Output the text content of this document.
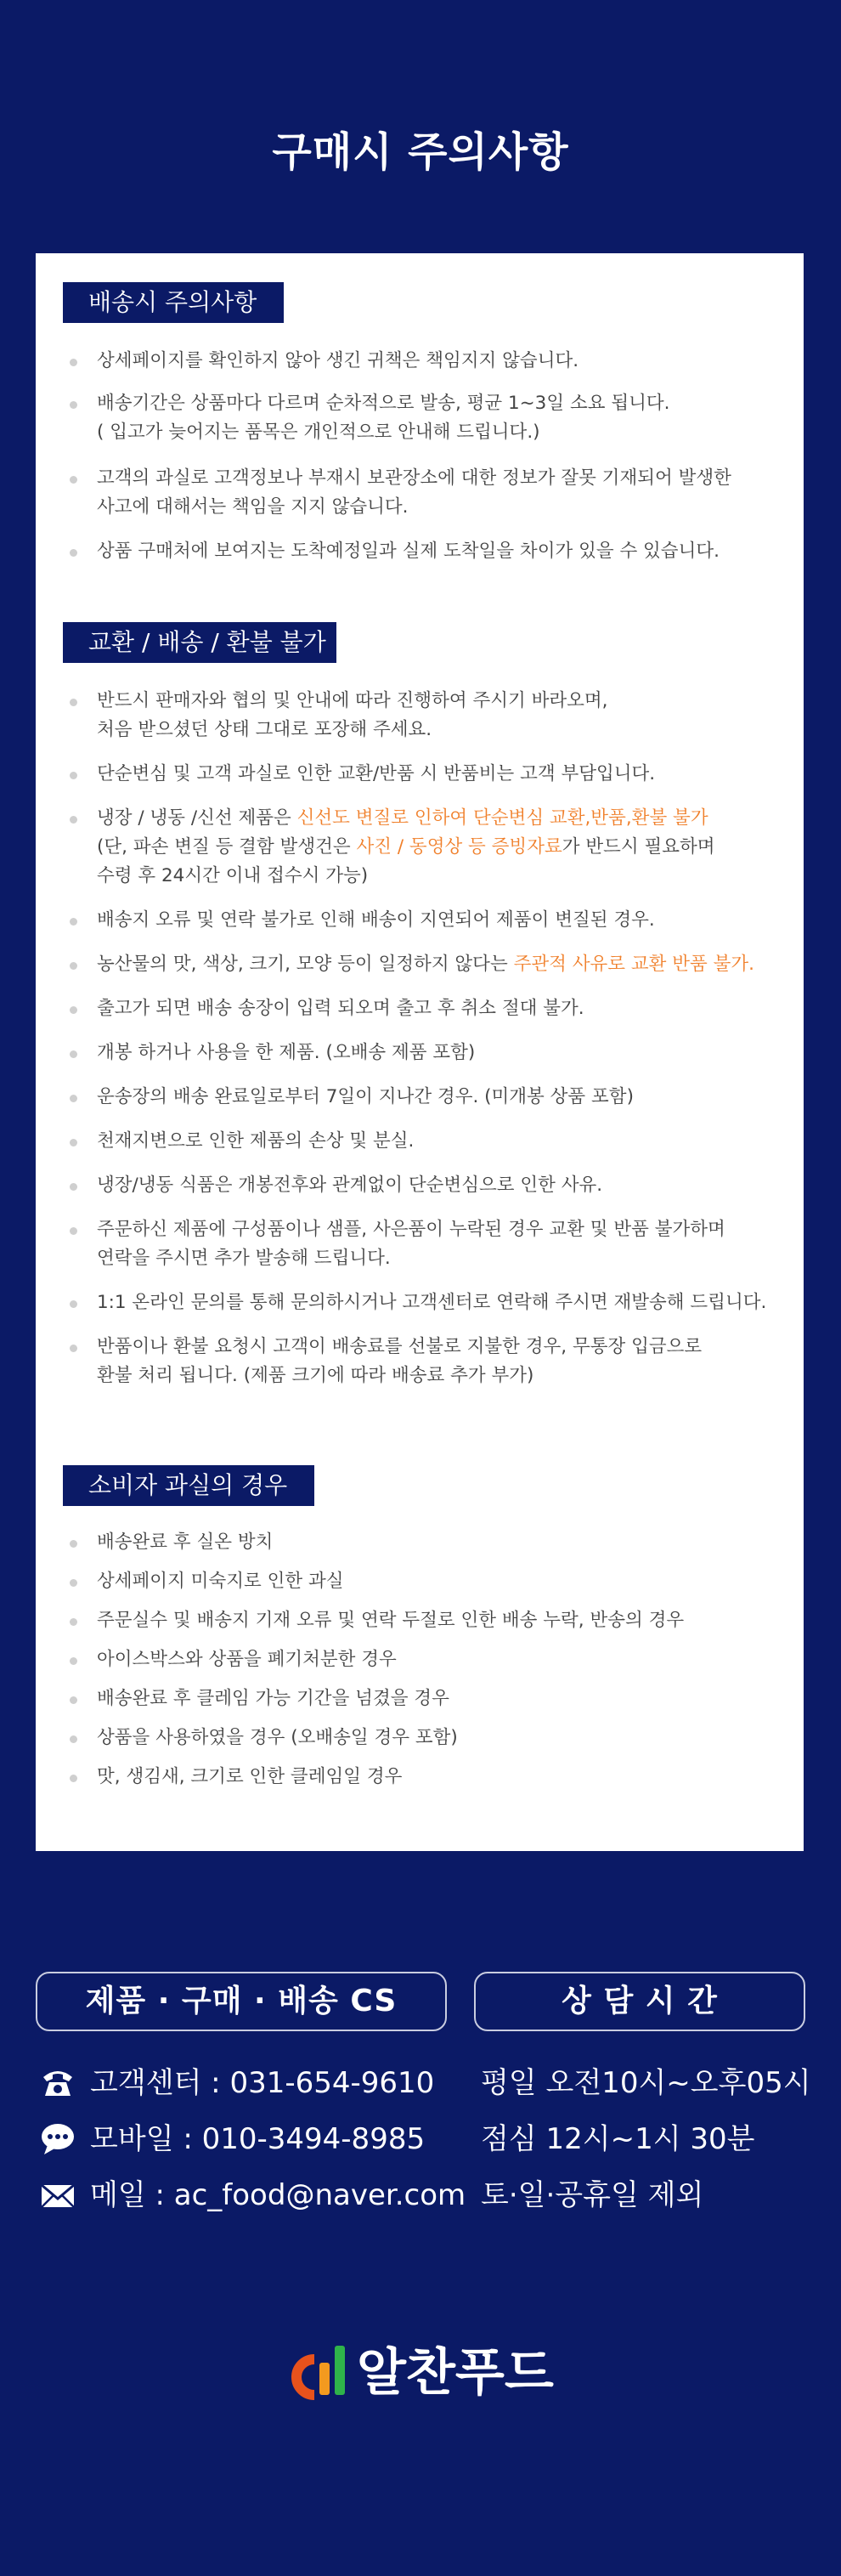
구매시 주의사항
배송시 주의사항
상세페이지를 확인하지 않아 생긴 귀책은 책임지지 않습니다.
배송기간은 상품마다 다르며 순차적으로 발송, 평균 1~3일 소요 됩니다.
( 입고가 늦어지는 품목은 개인적으로 안내해 드립니다.)
고객의 과실로 고객정보나 부재시 보관장소에 대한 정보가 잘못 기재되어 발생한
사고에 대해서는 책임을 지지 않습니다.
상품 구매처에 보여지는 도착예정일과 실제 도착일을 차이가 있을 수 있습니다.
교환 / 배송 / 환불 불가
반드시 판매자와 협의 및 안내에 따라 진행하여 주시기 바라오며,
처음 받으셨던 상태 그대로 포장해 주세요.
단순변심 및 고객 과실로 인한 교환/반품 시 반품비는 고객 부담입니다.
냉장 / 냉동 /신선 제품은 신선도 변질로 인하여 단순변심 교환,반품,환불 불가
(단, 파손 변질 등 결함 발생건은 사진 / 동영상 등 증빙자료가 반드시 필요하며
수령 후 24시간 이내 접수시 가능)
배송지 오류 및 연락 불가로 인해 배송이 지연되어 제품이 변질된 경우.
농산물의 맛, 색상, 크기, 모양 등이 일정하지 않다는 주관적 사유로 교환 반품 불가.
출고가 되면 배송 송장이 입력 되오며 출고 후 취소 절대 불가.
개봉 하거나 사용을 한 제품. (오배송 제품 포함)
운송장의 배송 완료일로부터 7일이 지나간 경우. (미개봉 상품 포함)
천재지변으로 인한 제품의 손상 및 분실.
냉장/냉동 식품은 개봉전후와 관계없이 단순변심으로 인한 사유.
주문하신 제품에 구성품이나 샘플, 사은품이 누락된 경우 교환 및 반품 불가하며
연락을 주시면 추가 발송해 드립니다.
1:1 온라인 문의를 통해 문의하시거나 고객센터로 연락해 주시면 재발송해 드립니다.
반품이나 환불 요청시 고객이 배송료를 선불로 지불한 경우, 무통장 입금으로
환불 처리 됩니다. (제품 크기에 따라 배송료 추가 부가)
소비자 과실의 경우
배송완료 후 실온 방치
상세페이지 미숙지로 인한 과실
주문실수 및 배송지 기재 오류 및 연락 두절로 인한 배송 누락, 반송의 경우
아이스박스와 상품을 폐기처분한 경우
배송완료 후 클레임 가능 기간을 넘겼을 경우
상품을 사용하였을 경우 (오배송일 경우 포함)
맛, 생김새, 크기로 인한 클레임일 경우
제품 · 구매 · 배송 CS	상 담 시 간
고객센터 : 031-654-9610
모바일 : 010-3494-8985
메일 : ac_food@naver.com
평일 오전10시~오후05시
점심 12시~1시 30분
토·일·공휴일 제외
알찬푸드
